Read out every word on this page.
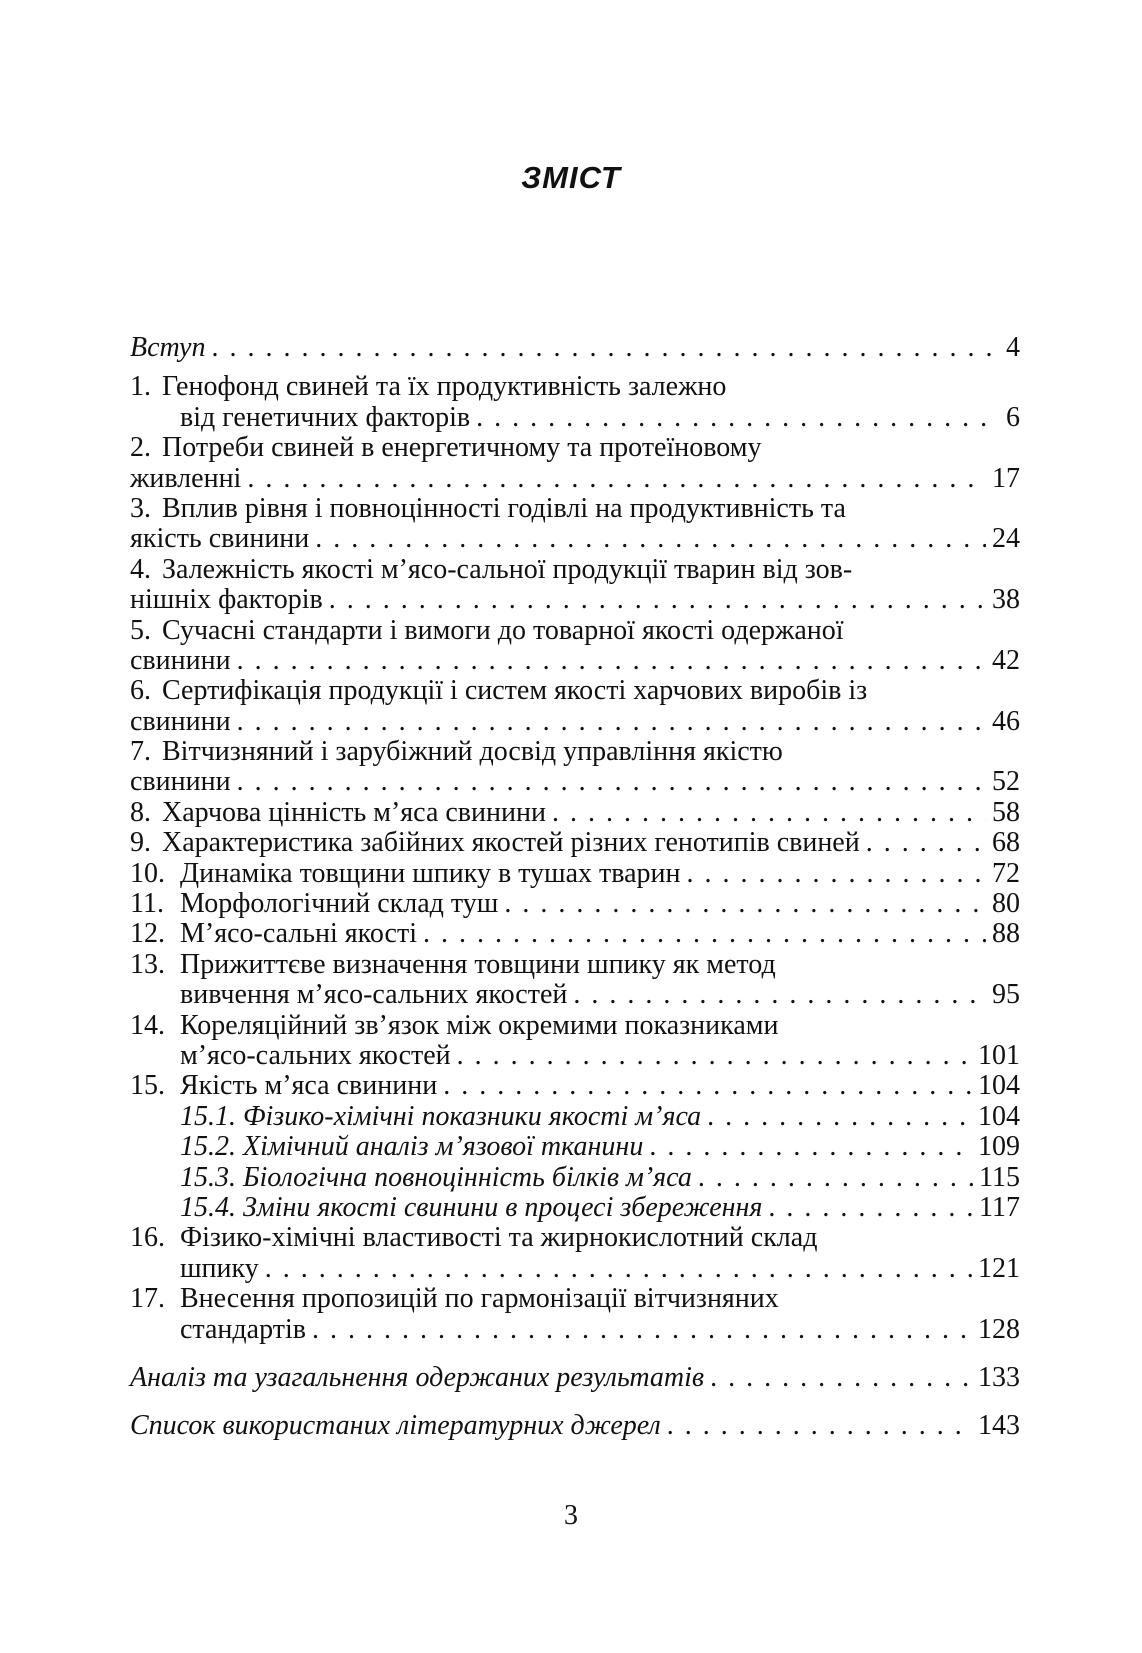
ЗМІСТ
Вступ . . .	4
1. Генофонд свиней та їх продуктивність залежно
від генетичних факторів . . .	6
2. Потреби свиней в енергетичному та протеїновому
живленні . . .	17
3. Вплив рівня і повноцінності годівлі на продуктивність та
якість свинини . . .	24
4. Залежність якості м’ясо-сальної продукції тварин від зов-
нішніх факторів . . .	38
5. Сучасні стандарти і вимоги до товарної якості одержаної
свинини . . .	42
6. Сертифікація продукції і систем якості харчових виробів із
свинини . . .	46
7. Вітчизняний і зарубіжний досвід управління якістю
свинини . . .	52
8. Харчова цінність м’яса свинини . . .	58
9. Характеристика забійних якостей різних генотипів свиней . . .	68
10. Динаміка товщини шпику в тушах тварин . . .	72
11. Морфологічний склад туш . . .	80
12. М’ясо-сальні якості . . .	88
13. Прижиттєве визначення товщини шпику як метод
вивчення м’ясо-сальних якостей . . .	95
14. Кореляційний зв’язок між окремими показниками
м’ясо-сальних якостей . . .	101
15. Якість м’яса свинини . . .	104
15.1. Фізико-хімічні показники якості м’яса . . .	104
15.2. Хімічний аналіз м’язової тканини . . .	109
15.3. Біологічна повноцінність білків м’яса . . .	115
15.4. Зміни якості свинини в процесі збереження . . .	117
16. Фізико-хімічні властивості та жирнокислотний склад
шпику . . .	121
17. Внесення пропозицій по гармонізації вітчизняних
стандартів . . .	128
Аналіз та узагальнення одержаних результатів . . .	133
Список використаних літературних джерел . . .	143
3
